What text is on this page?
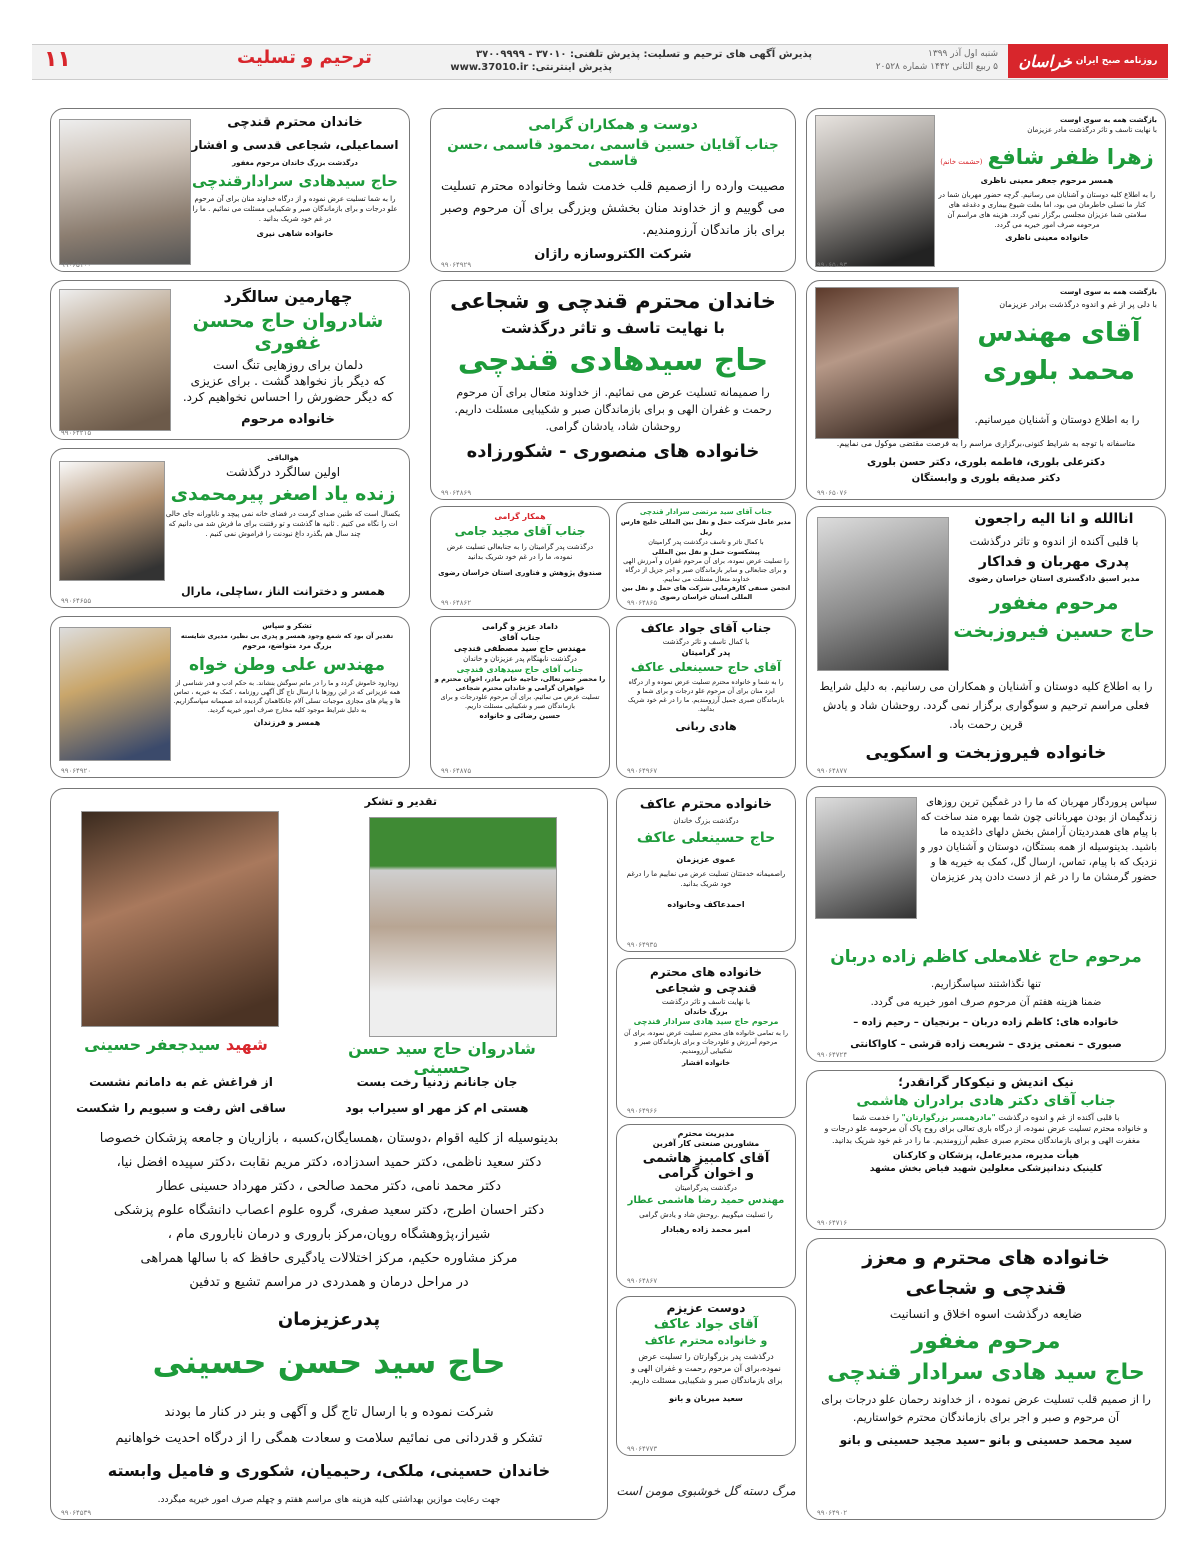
روزنامه صبح ایران
خراسان
شنبه اول آذر ۱۳۹۹
۵ ربیع الثانی ۱۴۴۲ شماره ۲۰۵۲۸
پذیرش آگهی های ترحیم و تسلیت: پذیرش تلفنی: ۳۷۰۱۰ - ۳۷۰۰۹۹۹۹
پذیرش اینترنتی: www.37010.ir
ترحیم و تسلیت
۱۱
بازگشت همه به سوی اوست
با نهایت تاسف و تاثر درگذشت مادر عزیزمان
زهرا ظفر شافع (حشمت خانم)
همسر مرحوم جعفر معینی ناظری
را به اطلاع کلیه دوستان و آشنایان می رسانیم. گرچه حضور مهربان شما در کنار ما تسلی خاطرمان می بود، اما بعلت شیوع بیماری و دغدغه های سلامتی شما عزیزان مجلسی برگزار نمی گردد. هزینه های مراسم آن مرحومه صرف امور خیریه می گردد.
خانواده معینی ناظری
۹۹۰۶۵۰۹۳
دوست و همکاران گرامی
جناب آقایان حسین قاسمی ،محمود قاسمی ،حسن قاسمی
مصیبت وارده را ازصمیم قلب خدمت شما وخانواده محترم تسلیت می گوییم و از خداوند منان بخشش وبزرگی برای آن مرحوم وصبر برای باز ماندگان آرزومندیم.
شرکت الکتروسازه راژان
۹۹۰۶۴۹۲۹
خاندان محترم قندچی
اسماعیلی، شجاعی قدسی و افشار
درگذشت بزرگ خاندان مرحوم مغفور
حاج سیدهادی سرادارقندچی
را به شما تسلیت عرض نموده و از درگاه خداوند منان برای آن مرحوم علو درجات و برای بازماندگان صبر و شکیبایی مسئلت می نمائیم . ما را در غم خود شریک بدانید .
خانواده شاهی نیری
۹۹۰۶۵۱۰۰
بازگشت همه به سوی اوست
با دلی پر از غم و اندوه درگذشت برادر عزیزمان
آقای مهندس
محمد بلوری
را به اطلاع دوستان و آشنایان میرسانیم.
متاسفانه با توجه به شرایط کنونی،برگزاری مراسم را به فرصت مقتضی موکول می نماییم.
دکترعلی بلوری، فاطمه بلوری، دکتر حسن بلوری
دکتر صدیقه بلوری و وابستگان
۹۹۰۶۵۰۷۶
خاندان محترم قندچی و شجاعی
با نهایت تاسف و تاثر درگذشت
حاج سیدهادی قندچی
را صمیمانه تسلیت عرض می نمائیم. از خداوند متعال برای آن مرحوم رحمت و غفران الهی و برای بازماندگان صبر و شکیبایی مسئلت داریم. روحشان شاد، یادشان گرامی.
خانواده های منصوری - شکورزاده
۹۹۰۶۴۸۶۹
چهارمین سالگرد
شادروان حاج محسن غفوری
دلمان برای روزهایی تنگ است
که دیگر باز نخواهد گشت . برای عزیزی
که دیگر حضورش را احساس نخواهیم کرد.
خانواده مرحوم
۹۹۰۶۴۲۱۵
هوالباقی
اولین سالگرد درگذشت
زنده یاد اصغر پیرمحمدی
یکسال است که طنین صدای گرمت در فضای خانه نمی پیچد و ناباورانه جای خالی ات را نگاه می کنیم . ثانیه ها گذشت و تو رفتنت برای ما فرش شد می دانیم که چند سال هم بگذرد داغ نبودنت را فراموش نمی کنیم .
همسر و دخترانت الناز ،ساچلی، مارال
۹۹۰۶۴۶۵۵
همکار گرامی
جناب آقای مجید جامی
درگذشت پدر گرامیتان را به جنابعالی تسلیت عرض نموده، ما را در غم خود شریک بدانید
صندوق پژوهش و فناوری استان خراسان رضوی
۹۹۰۶۴۸۶۲
جناب آقای سید مرتضی سرادار قندچی
مدیر عامل شرکت حمل و نقل بین المللی خلیج فارس ریل
با کمال تاثر و تاسف درگذشت پدر گرامیتان
پیشکسوت حمل و نقل بین المللی
را تسلیت عرض نموده، برای آن مرحوم غفران و آمرزش الهی و برای جنابعالی و سایر بازماندگان صبر و اجر جزیل از درگاه خداوند متعال مسئلت می نماییم.
انجمن صنفی کارفرمایی شرکت های حمل و نقل بین المللی استان خراسان رضوی
۹۹۰۶۴۸۶۵
اناالله و انا الیه راجعون
با قلبی آکنده از اندوه و تاثر درگذشت
پدری مهربان و فداکار
مدیر اسبق دادگستری استان خراسان رضوی
مرحوم مغفور
حاج حسین فیروزبخت
را به اطلاع کلیه دوستان و آشنایان و همکاران می رسانیم. به دلیل شرایط فعلی مراسم ترحیم و سوگواری برگزار نمی گردد. روحشان شاد و یادش قرین رحمت باد.
خانواده فیروزبخت و اسکویی
۹۹۰۶۴۸۷۷
تشکر و سپاس
تقدیر آن بود که شمع وجود همسر و پدری بی نظیر، مدیری شایسته
بزرگ مرد متواضع، مرحوم
مهندس علی وطن خواه
زودازود خاموش گردد و ما را در ماتم سوگش بنشاند. به حکم ادب و قدر شناسی از همه عزیزانی که در این روزها با ارسال تاج گل آگهی روزنامه ، کمک به خیریه ، تماس ها و پیام های مجازی موجبات تسلی آلام جانکاهمان گردیده اند صمیمانه سپاسگزاریم. به دلیل شرایط موجود کلیه مخارج صرف امور خیریه گردید.
همسر و فرزندان
۹۹۰۶۴۹۲۰
داماد عزیز و گرامی
جناب آقای
مهندس حاج سید مصطفی قندچی
درگذشت نابهنگام پدر عزیزتان و خاندان
جناب آقای حاج سیدهادی قندچی
را محضر حضرتعالی، حاجیه خانم مادر، اخوان محترم و خواهران گرامی و خاندان محترم شجاعی
تسلیت عرض می نمائیم. برای آن مرحوم علودرجات و برای بازماندگان صبر و شکیبایی مسئلت داریم.
حسین رضائی و خانواده
۹۹۰۶۴۸۷۵
جناب آقای جواد عاکف
با کمال تاسف و تاثر درگذشت
پدر گرامیتان
آقای حاج حسینعلی عاکف
را به شما و خانواده محترم تسلیت عرض نموده و از درگاه ایزد منان برای آن مرحوم علو درجات و برای شما و بازماندگان صبری جمیل آرزومندیم. ما را در غم خود شریک بدانید.
هادی ربانی
۹۹۰۶۴۹۶۷
تقدیر و تشکر
شادروان حاج سید حسن حسینی
شهید سیدجعفر حسینی
جان جانانم زدنیا رخت بست
هستی ام کز مهر او سیراب بود
از فراغش غم به دامانم نشست
ساقی اش رفت و سبویم را شکست
بدینوسیله از کلیه اقوام ،دوستان ،همسایگان،کسبه ، بازاریان و جامعه پزشکان خصوصا
دکتر سعید ناظمی، دکتر حمید اسدزاده، دکتر مریم نقابت ،دکتر سپیده افضل نیا،
دکتر محمد نامی، دکتر محمد صالحی ، دکتر مهرداد حسینی عطار
دکتر احسان اطرج، دکتر سعید صفری، گروه علوم اعصاب دانشگاه علوم پزشکی
شیراز،پژوهشگاه رویان،مرکز باروری و درمان ناباروری مام ،
مرکز مشاوره حکیم، مرکز اختلالات یادگیری حافظ که با سالها همراهی
در مراحل درمان و همدردی در مراسم تشیع و تدفین
پدرعزیزمان
حاج سید حسن حسینی
شرکت نموده و با ارسال تاج گل و آگهی و بنر در کنار ما بودند
تشکر و قدردانی می نمائیم سلامت و سعادت همگی را از درگاه احدیت خواهانیم
خاندان حسینی، ملکی، رحیمیان، شکوری و فامیل وابسته
جهت رعایت موازین بهداشتی کلیه هزینه های مراسم هفتم و چهلم صرف امور خیریه میگردد.
۹۹۰۶۴۵۳۹
خانواده محترم عاکف
درگذشت بزرگ خاندان
حاج حسینعلی عاکف
عموی عزیزمان
راصمیمانه خدمتتان تسلیت عرض می نماییم ما را درغم خود شریک بدانید.
احمدعاکف وخانواده
۹۹۰۶۴۹۳۵
سپاس پروردگار مهربان که ما را در غمگین ترین روزهای زندگیمان از بودن مهربانانی چون شما بهره مند ساخت که با پیام های همدردیتان آرامش بخش دلهای داغدیده ما باشید. بدینوسیله از همه بستگان، دوستان و آشنایان دور و نزدیک که با پیام، تماس، ارسال گل، کمک به خیریه ها و حضور گرمشان ما را در غم از دست دادن پدر عزیزمان
مرحوم حاج غلامعلی کاظم زاده دربان
تنها نگذاشتند سپاسگزاریم.
ضمنا هزینه هفتم آن مرحوم صرف امور خیریه می گردد.
خانواده های: کاظم زاده دربان – برنجیان – رحیم زاده –
صبوری – نعمتی یزدی – شریعت زاده قرشی – کاواکانتی
۹۹۰۶۴۷۲۴
خانواده های محترم
قندچی و شجاعی
با نهایت تاسف و تاثر درگذشت
بزرگ خاندان
مرحوم حاج سید هادی سرادار قندچی
را به تمامی خانواده های محترم تسلیت عرض نموده، برای آن مرحوم آمرزش و علودرجات و برای بازماندگان صبر و شکیبایی آرزومندیم.
خانواده افشار
۹۹۰۶۴۹۶۶
نیک اندیش و نیکوکار گرانقدر؛
جناب آقای دکتر هادی برادران هاشمی
با قلبی آکنده از غم و اندوه درگذشت "مادرهمسر بزرگوارتان" را خدمت شما
و خانواده محترم تسلیت عرض نموده، از درگاه باری تعالی برای روح پاک آن مرحومه علو درجات و مغفرت الهی و برای بازماندگان محترم صبری عظیم آرزومندیم. ما را در غم خود شریک بدانید.
هیأت مدیره، مدیرعامل، پزشکان و کارکنان
کلینیک دندانپزشکی معلولین شهید فیاض بخش مشهد
۹۹۰۶۴۷۱۶
مدیریت محترم
مشاورین صنعتی کار آفرین
آقای کامبیز هاشمی
و اخوان گرامی
درگذشت پدرگرامیتان
مهندس حمید رضا هاشمی عطار
را تسلیت میگوییم .روحش شاد و یادش گرامی
امیر محمد زاده رهبادار
۹۹۰۶۴۸۶۷
خانواده های محترم و معزز
قندچی و شجاعی
ضایعه درگذشت اسوه اخلاق و انسانیت
مرحوم مغفور
حاج سید هادی سرادار قندچی
را از صمیم قلب تسلیت عرض نموده ، از خداوند رحمان علو درجات برای آن مرحوم و صبر و اجر برای بازماندگان محترم خواستاریم.
سید محمد حسینی و بانو –سید مجید حسینی و بانو
۹۹۰۶۴۹۰۲
دوست عزیزم
آقای جواد عاکف
و خانواده محترم عاکف
درگذشت پدر بزرگوارتان را تسلیت عرض نموده،برای آن مرحوم رحمت و غفران الهی و برای بازماندگان صبر و شکیبایی مسئلت داریم.
سعید میربان و بانو
۹۹۰۶۴۷۷۳
مرگ دسته گل خوشبوی مومن است
